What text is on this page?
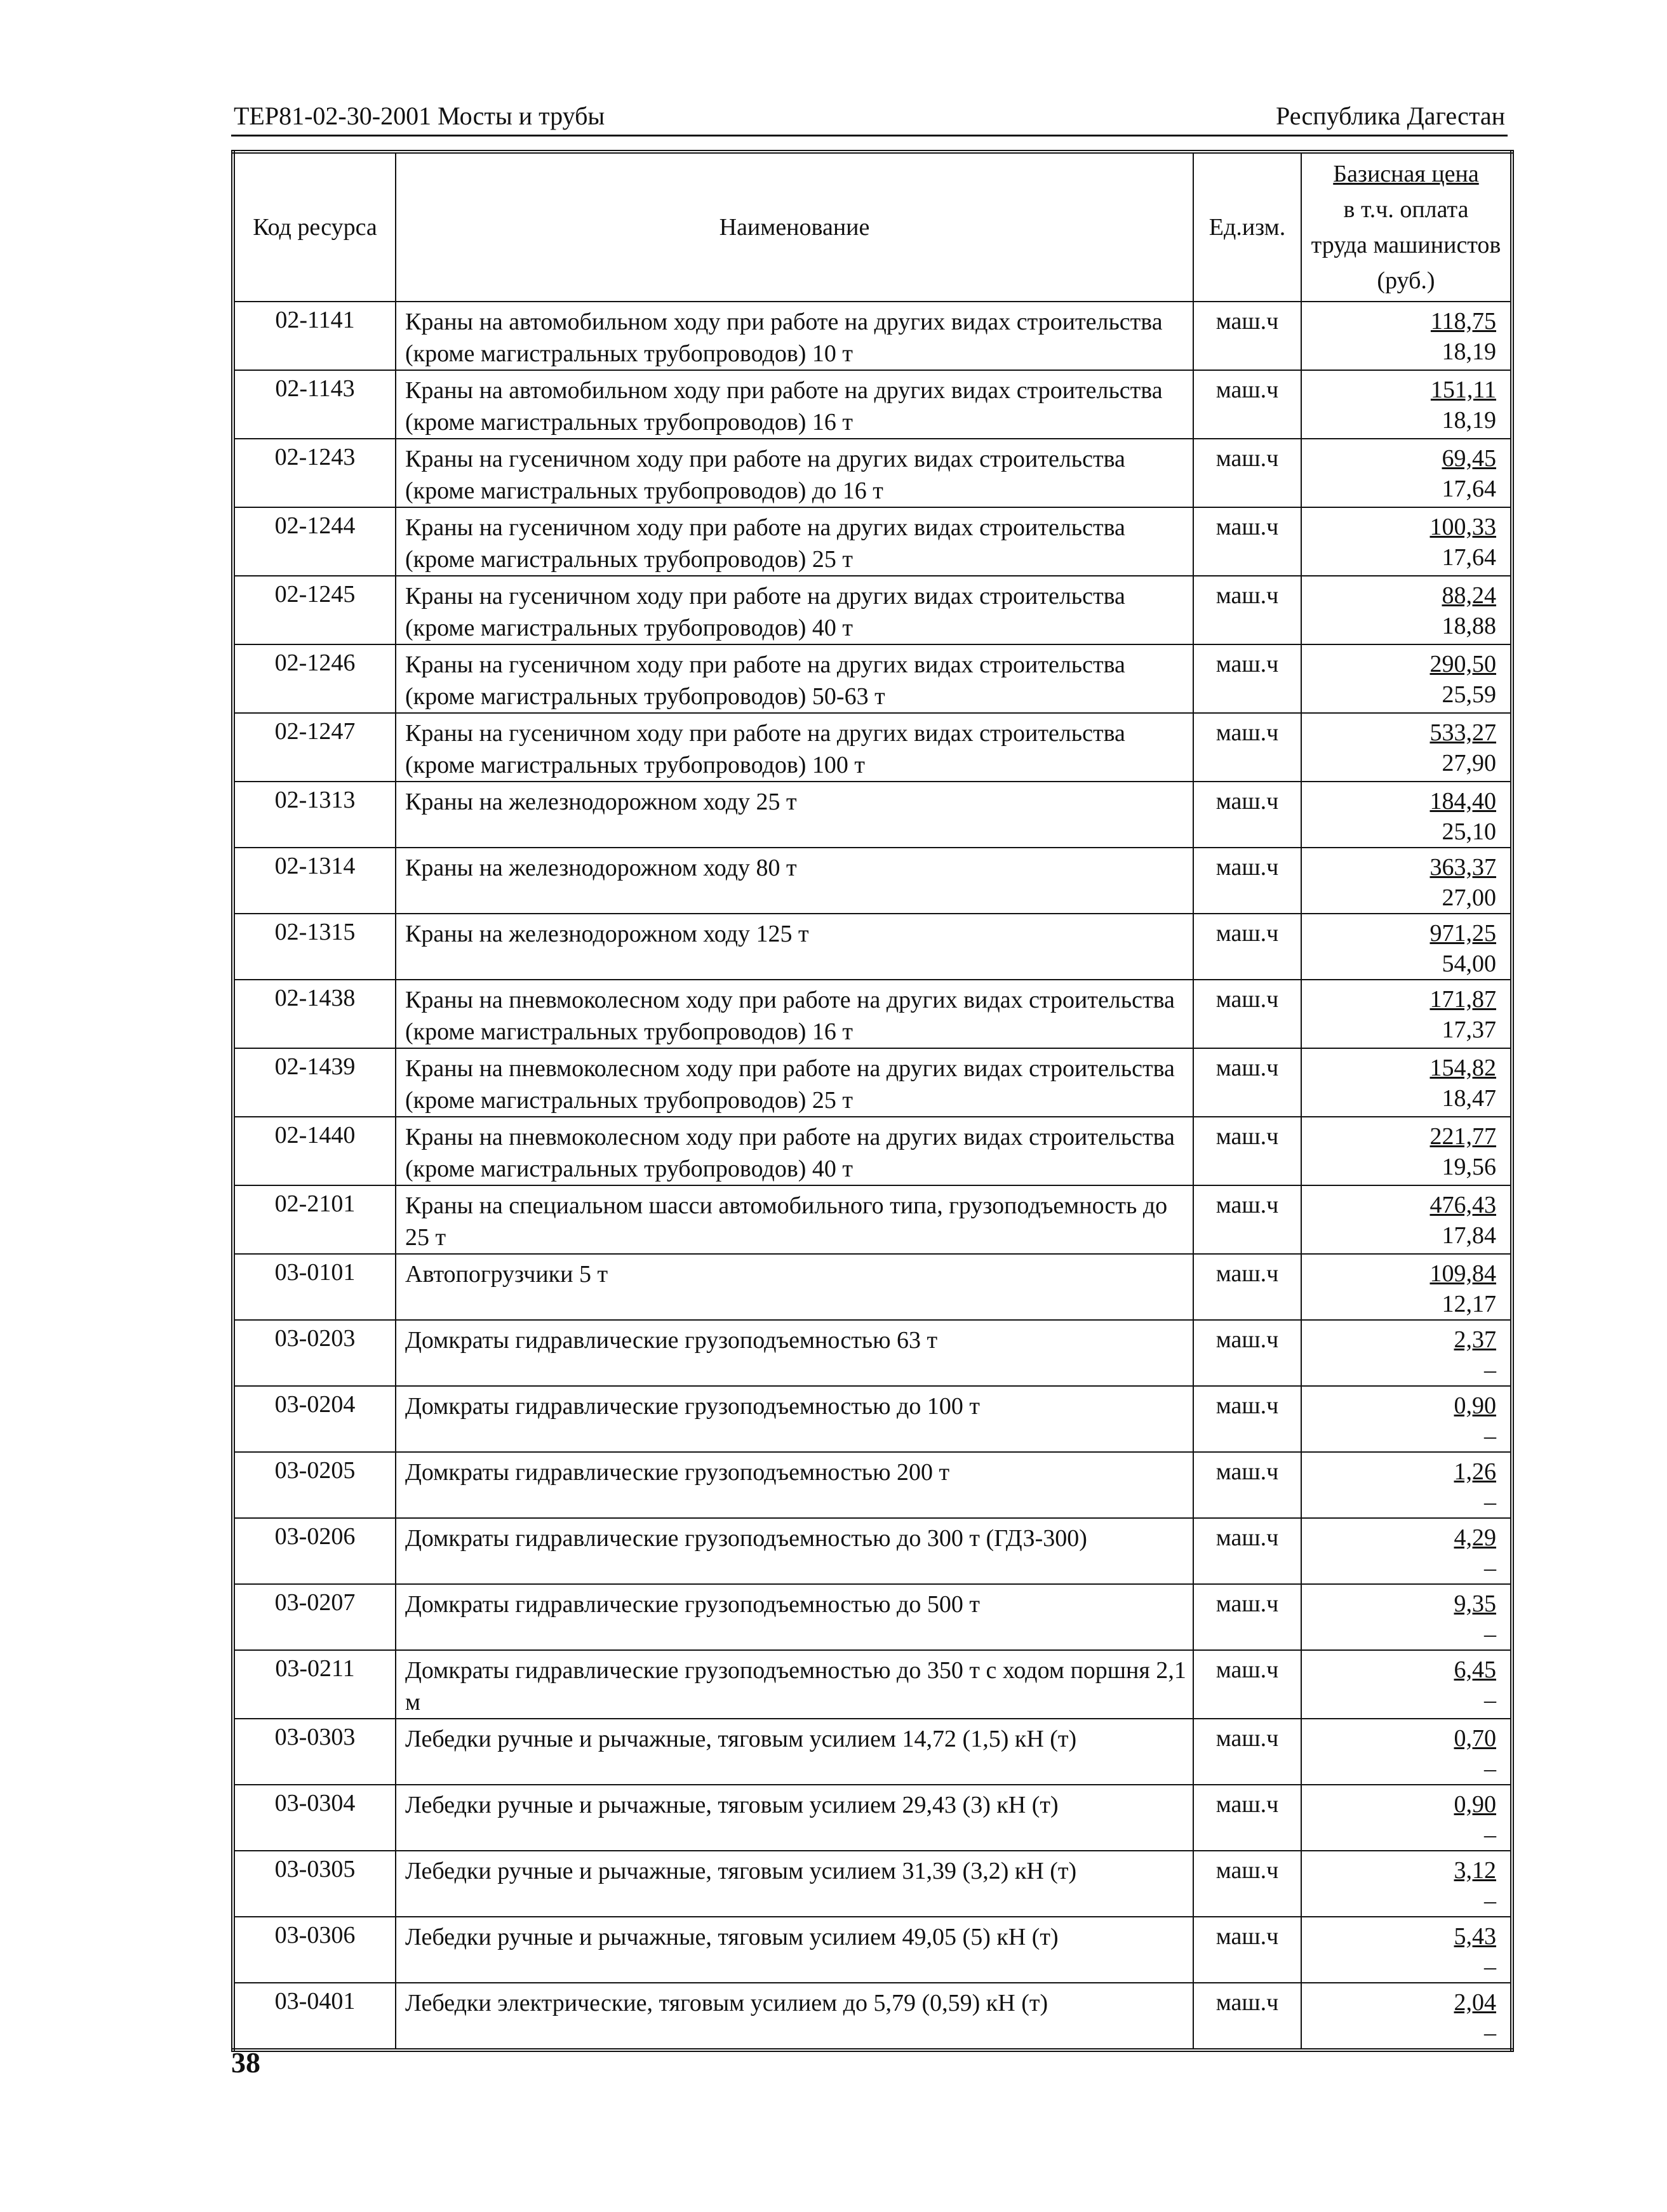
ТЕР81-02-30-2001 Мосты и трубы	Республика Дагестан
Код ресурса	Наименование	Ед.изм.	Базисная цена
в т.ч. оплата
труда машинистов
(руб.)

02-1141	Краны на автомобильном ходу при работе на других видах строительства (кроме магистральных трубопроводов) 10 т	маш.ч	118,75
18,19

02-1143	Краны на автомобильном ходу при работе на других видах строительства (кроме магистральных трубопроводов) 16 т	маш.ч	151,11
18,19

02-1243	Краны на гусеничном ходу при работе на других видах строительства (кроме магистральных трубопроводов) до 16 т	маш.ч	69,45
17,64

02-1244	Краны на гусеничном ходу при работе на других видах строительства (кроме магистральных трубопроводов) 25 т	маш.ч	100,33
17,64

02-1245	Краны на гусеничном ходу при работе на других видах строительства (кроме магистральных трубопроводов) 40 т	маш.ч	88,24
18,88

02-1246	Краны на гусеничном ходу при работе на других видах строительства (кроме магистральных трубопроводов) 50-63 т	маш.ч	290,50
25,59

02-1247	Краны на гусеничном ходу при работе на других видах строительства (кроме магистральных трубопроводов) 100 т	маш.ч	533,27
27,90

02-1313	Краны на железнодорожном ходу 25 т	маш.ч	184,40
25,10

02-1314	Краны на железнодорожном ходу 80 т	маш.ч	363,37
27,00

02-1315	Краны на железнодорожном ходу 125 т	маш.ч	971,25
54,00

02-1438	Краны на пневмоколесном ходу при работе на других видах строительства (кроме магистральных трубопроводов) 16 т	маш.ч	171,87
17,37

02-1439	Краны на пневмоколесном ходу при работе на других видах строительства (кроме магистральных трубопроводов) 25 т	маш.ч	154,82
18,47

02-1440	Краны на пневмоколесном ходу при работе на других видах строительства (кроме магистральных трубопроводов) 40 т	маш.ч	221,77
19,56

02-2101	Краны на специальном шасси автомобильного типа, грузоподъемность до 25 т	маш.ч	476,43
17,84

03-0101	Автопогрузчики 5 т	маш.ч	109,84
12,17

03-0203	Домкраты гидравлические грузоподъемностью 63 т	маш.ч	2,37
–

03-0204	Домкраты гидравлические грузоподъемностью до 100 т	маш.ч	0,90
–

03-0205	Домкраты гидравлические грузоподъемностью 200 т	маш.ч	1,26
–

03-0206	Домкраты гидравлические грузоподъемностью до 300 т (ГДЗ-300)	маш.ч	4,29
–

03-0207	Домкраты гидравлические грузоподъемностью до 500 т	маш.ч	9,35
–

03-0211	Домкраты гидравлические грузоподъемностью до 350 т с ходом поршня 2,1 м	маш.ч	6,45
–

03-0303	Лебедки ручные и рычажные, тяговым усилием 14,72 (1,5) кН (т)	маш.ч	0,70
–

03-0304	Лебедки ручные и рычажные, тяговым усилием 29,43 (3) кН (т)	маш.ч	0,90
–

03-0305	Лебедки ручные и рычажные, тяговым усилием 31,39 (3,2) кН (т)	маш.ч	3,12
–

03-0306	Лебедки ручные и рычажные, тяговым усилием 49,05 (5) кН (т)	маш.ч	5,43
–

03-0401	Лебедки электрические, тяговым усилием до 5,79 (0,59) кН (т)	маш.ч	2,04
–
38
